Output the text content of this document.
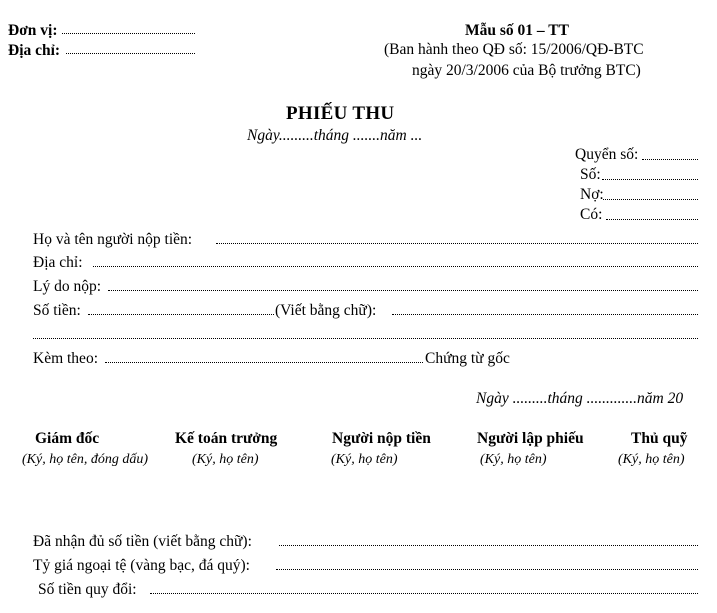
Đơn vị:
Địa chỉ:
Mẫu số 01 – TT
(Ban hành theo QĐ số: 15/2006/QĐ-BTC
ngày 20/3/2006 của Bộ trưởng BTC)
PHIẾU THU
Ngày.........tháng .......năm ...
Quyển số:
Số:
Nợ:
Có:
Họ và tên người nộp tiền:
Địa chỉ:
Lý do nộp:
Số tiền:	(Viết bằng chữ):
Kèm theo:	Chứng từ gốc
Ngày .........tháng .............năm 20
Giám đốc
(Ký, họ tên, đóng dấu)
Kế toán trưởng
(Ký, họ tên)
Người nộp tiền
(Ký, họ tên)
Người lập phiếu
(Ký, họ tên)
Thủ quỹ
(Ký, họ tên)
Đã nhận đủ số tiền (viết bằng chữ):
Tỷ giá ngoại tệ (vàng bạc, đá quý):
Số tiền quy đổi:
